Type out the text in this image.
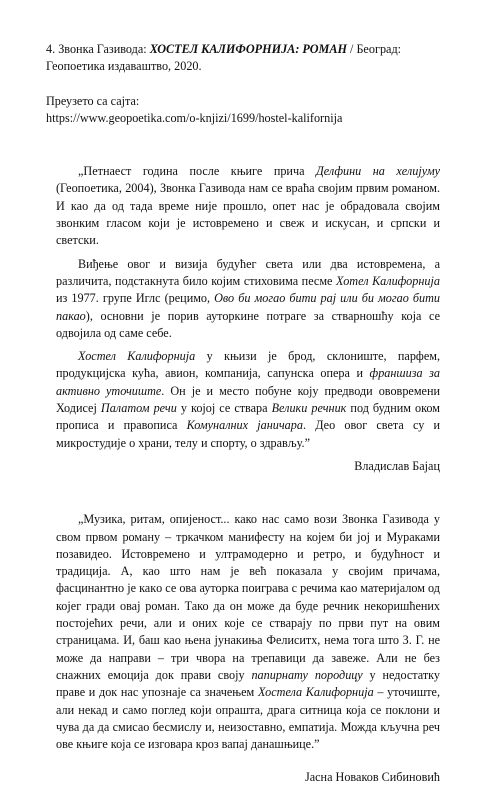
4. Звонка Газивода: ХОСТЕЛ КАЛИФОРНИЈА: РОМАН / Београд: Геопоетика издаваштво, 2020.

Преузето са сајта:

https://www.geopoetika.com/o-knjizi/1699/hostel-kalifornija

„Петнаест година после књиге прича Делфини на хелијуму (Геопоетика, 2004), Звонка Газивода нам се враћа својим првим романом. И као да од тада време није прошло, опет нас је обрадовала својим звонким гласом који је истовремено и свеж и искусан, и српски и светски.

Виђење овог и визија будућег света или два истовремена, а различита, подстакнута било којим стиховима песме Хотел Калифорнија из 1977. групе Иглс (рецимо, Ово би могао бити рај или би могао бити пакао), основни је порив ауторкине потраге за стварношћу која се одвојила од саме себе.

Хостел Калифорнија у књизи је брод, склониште, парфем, продукцијска кућа, авион, компанија, сапунска опера и франшиза за активно уточиште. Он је и место побуне коју предводи ововремени Ходисеј Палатом речи у којој се ствара Велики речник под будним оком прописа и правописа Комуналних јаничара. Део овог света су и микростудије о храни, телу и спорту, о здрављу.”

Владислав Бајац

„Музика, ритам, опијеност... како нас само вози Звонка Газивода у свом првом роману – тркачком манифесту на којем би јој и Мураками позавидео. Истовремено и ултрамодерно и ретро, и будућност и традиција. А, као што нам је већ показала у својим причама, фасцинантно је какo се ова ауторка поиграва с речима као материјалом од којег гради овај роман. Тако да он може да буде речник некоришћених постојећих речи, али и оних које се стварају по први пут на овим страницама. И, баш као њена јунакиња Фелиситх, нема тога што З. Г. не може да направи – три чвора на трепавици да завеже. Али не без снажних емоција док прави своју папирнату породицу у недостатку праве и док нас упознаје са значењем Хостела Калифорнија – уточиште, али некад и само поглед који опрашта, драга ситница која се поклони и чува да да смисао бесмислу и, неизоставно, емпатија. Можда кључна реч ове књиге која се изговара кроз вапај данашњице.”

Јасна Новаков Сибиновић
